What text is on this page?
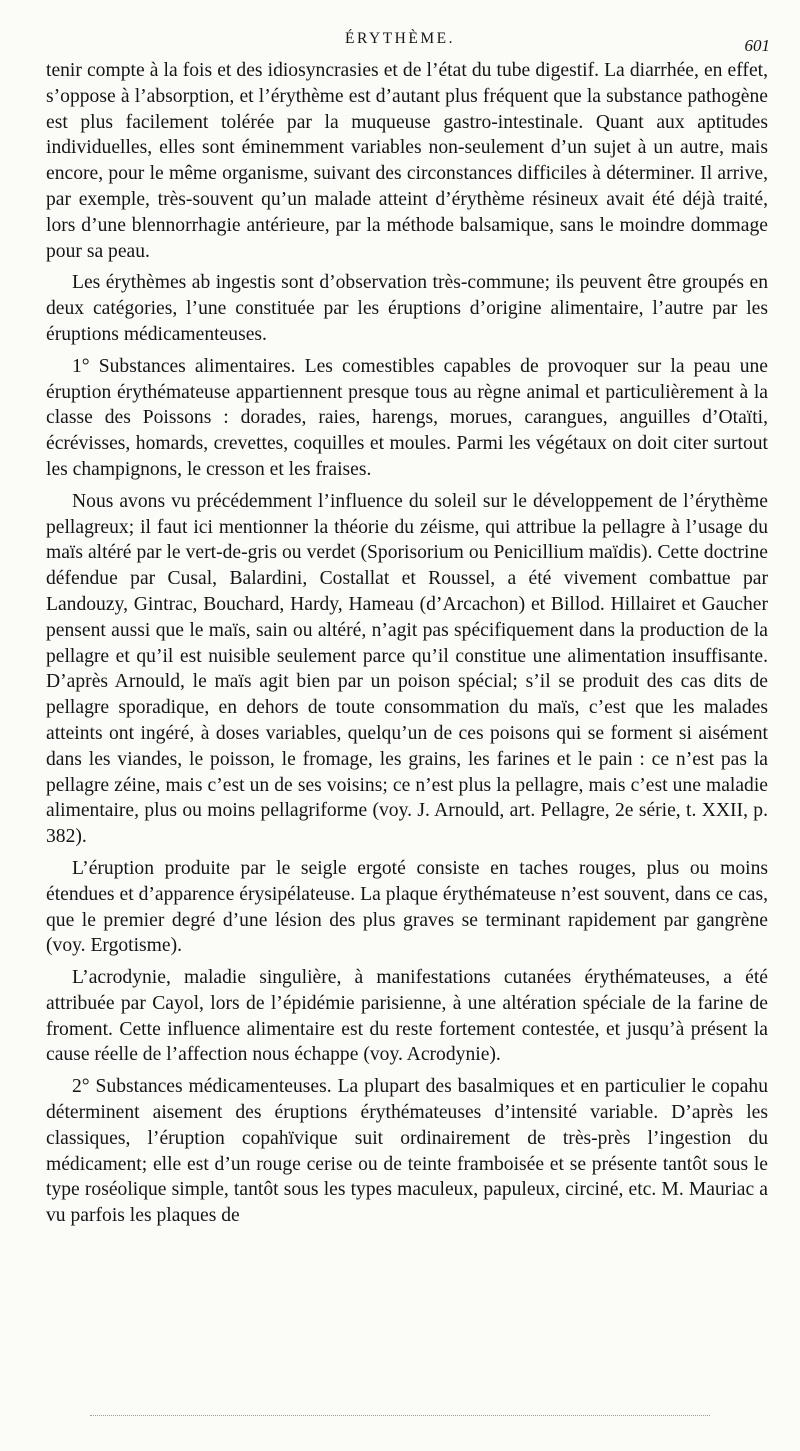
ÉRYTHÈME.	601

tenir compte à la fois et des idiosyncrasies et de l’état du tube digestif. La diarrhée, en effet, s’oppose à l’absorption, et l’érythème est d’autant plus fréquent que la substance pathogène est plus facilement tolérée par la muqueuse gastro-intestinale. Quant aux aptitudes individuelles, elles sont éminemment variables non-seulement d’un sujet à un autre, mais encore, pour le même organisme, suivant des circonstances difficiles à déterminer. Il arrive, par exemple, très-souvent qu’un malade atteint d’érythème résineux avait été déjà traité, lors d’une blennorrhagie antérieure, par la méthode balsamique, sans le moindre dommage pour sa peau.

Les érythèmes ab ingestis sont d’observation très-commune; ils peuvent être groupés en deux catégories, l’une constituée par les éruptions d’origine alimentaire, l’autre par les éruptions médicamenteuses.

1° Substances alimentaires. Les comestibles capables de provoquer sur la peau une éruption érythémateuse appartiennent presque tous au règne animal et particulièrement à la classe des Poissons : dorades, raies, harengs, morues, carangues, anguilles d’Otaïti, écrévisses, homards, crevettes, coquilles et moules. Parmi les végétaux on doit citer surtout les champignons, le cresson et les fraises.

Nous avons vu précédemment l’influence du soleil sur le développement de l’érythème pellagreux; il faut ici mentionner la théorie du zéisme, qui attribue la pellagre à l’usage du maïs altéré par le vert-de-gris ou verdet (Sporisorium ou Penicillium maïdis). Cette doctrine défendue par Cusal, Balardini, Costallat et Roussel, a été vivement combattue par Landouzy, Gintrac, Bouchard, Hardy, Hameau (d’Arcachon) et Billod. Hillairet et Gaucher pensent aussi que le maïs, sain ou altéré, n’agit pas spécifiquement dans la production de la pellagre et qu’il est nuisible seulement parce qu’il constitue une alimentation insuffisante. D’après Arnould, le maïs agit bien par un poison spécial; s’il se produit des cas dits de pellagre sporadique, en dehors de toute consommation du maïs, c’est que les malades atteints ont ingéré, à doses variables, quelqu’un de ces poisons qui se forment si aisément dans les viandes, le poisson, le fromage, les grains, les farines et le pain : ce n’est pas la pellagre zéine, mais c’est un de ses voisins; ce n’est plus la pellagre, mais c’est une maladie alimentaire, plus ou moins pellagriforme (voy. J. Arnould, art. Pellagre, 2e série, t. XXII, p. 382).

L’éruption produite par le seigle ergoté consiste en taches rouges, plus ou moins étendues et d’apparence érysipélateuse. La plaque érythémateuse n’est souvent, dans ce cas, que le premier degré d’une lésion des plus graves se terminant rapidement par gangrène (voy. Ergotisme).

L’acrodynie, maladie singulière, à manifestations cutanées érythémateuses, a été attribuée par Cayol, lors de l’épidémie parisienne, à une altération spéciale de la farine de froment. Cette influence alimentaire est du reste fortement contestée, et jusqu’à présent la cause réelle de l’affection nous échappe (voy. Acrodynie).

2° Substances médicamenteuses. La plupart des basalmiques et en particulier le copahu déterminent aisement des éruptions érythémateuses d’intensité variable. D’après les classiques, l’éruption copahïvique suit ordinairement de très-près l’ingestion du médicament; elle est d’un rouge cerise ou de teinte framboisée et se présente tantôt sous le type roséolique simple, tantôt sous les types maculeux, papuleux, circiné, etc. M. Mauriac a vu parfois les plaques de
